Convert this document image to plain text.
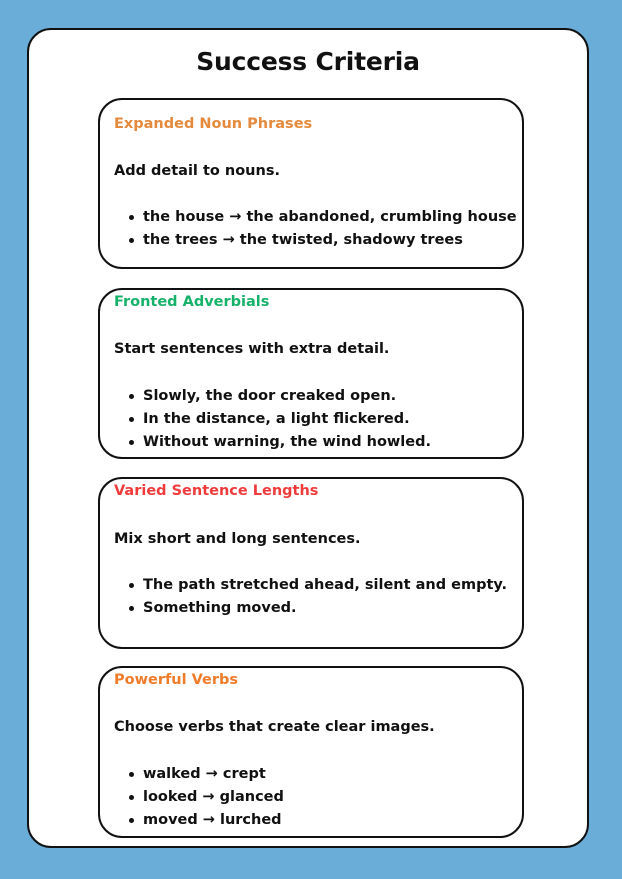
Success Criteria
Expanded Noun Phrases

Add detail to nouns.

the house → the abandoned, crumbling house
the trees → the twisted, shadowy trees
Fronted Adverbials

Start sentences with extra detail.

Slowly, the door creaked open.
In the distance, a light flickered.
Without warning, the wind howled.
Varied Sentence Lengths

Mix short and long sentences.

The path stretched ahead, silent and empty.
Something moved.
Powerful Verbs

Choose verbs that create clear images.

walked → crept
looked → glanced
moved → lurched
